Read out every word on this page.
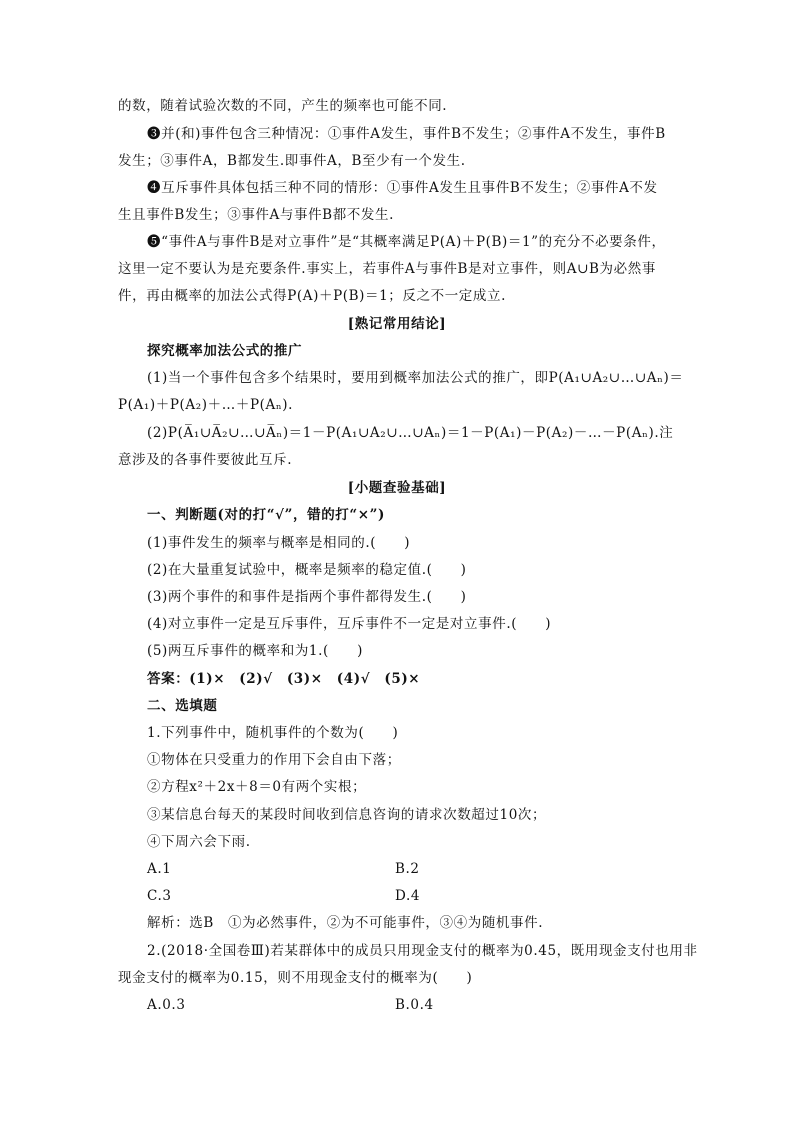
的数，随着试验次数的不同，产生的频率也可能不同.
❸并(和)事件包含三种情况：①事件A发生，事件B不发生；②事件A不发生，事件B
发生；③事件A，B都发生.即事件A，B至少有一个发生.
❹互斥事件具体包括三种不同的情形：①事件A发生且事件B不发生；②事件A不发
生且事件B发生；③事件A与事件B都不发生.
❺“事件A与事件B是对立事件”是“其概率满足P(A)＋P(B)＝1”的充分不必要条件，
这里一定不要认为是充要条件.事实上，若事件A与事件B是对立事件，则A∪B为必然事
件，再由概率的加法公式得P(A)＋P(B)＝1；反之不一定成立.
[熟记常用结论]
探究概率加法公式的推广
(1)当一个事件包含多个结果时，要用到概率加法公式的推广，即P(A₁∪A₂∪…∪Aₙ)＝
P(A₁)＋P(A₂)＋…＋P(Aₙ).
(2)P(A̅₁∪A̅₂∪…∪A̅ₙ)＝1－P(A₁∪A₂∪…∪Aₙ)＝1－P(A₁)－P(A₂)－…－P(Aₙ).注
意涉及的各事件要彼此互斥.
[小题查验基础]
一、判断题(对的打“√”，错的打“×”)
(1)事件发生的频率与概率是相同的.(　　)
(2)在大量重复试验中，概率是频率的稳定值.(　　)
(3)两个事件的和事件是指两个事件都得发生.(　　)
(4)对立事件一定是互斥事件，互斥事件不一定是对立事件.(　　)
(5)两互斥事件的概率和为1.(　　)
答案：(1)×　(2)√　(3)×　(4)√　(5)×
二、选填题
1.下列事件中，随机事件的个数为(　　)
①物体在只受重力的作用下会自由下落；
②方程x²＋2x＋8＝0有两个实根；
③某信息台每天的某段时间收到信息咨询的请求次数超过10次；
④下周六会下雨.
A.1	B.2
C.3	D.4
解析：选B　①为必然事件，②为不可能事件，③④为随机事件.
2.(2018·全国卷Ⅲ)若某群体中的成员只用现金支付的概率为0.45，既用现金支付也用非
现金支付的概率为0.15，则不用现金支付的概率为(　　)
A.0.3	B.0.4
